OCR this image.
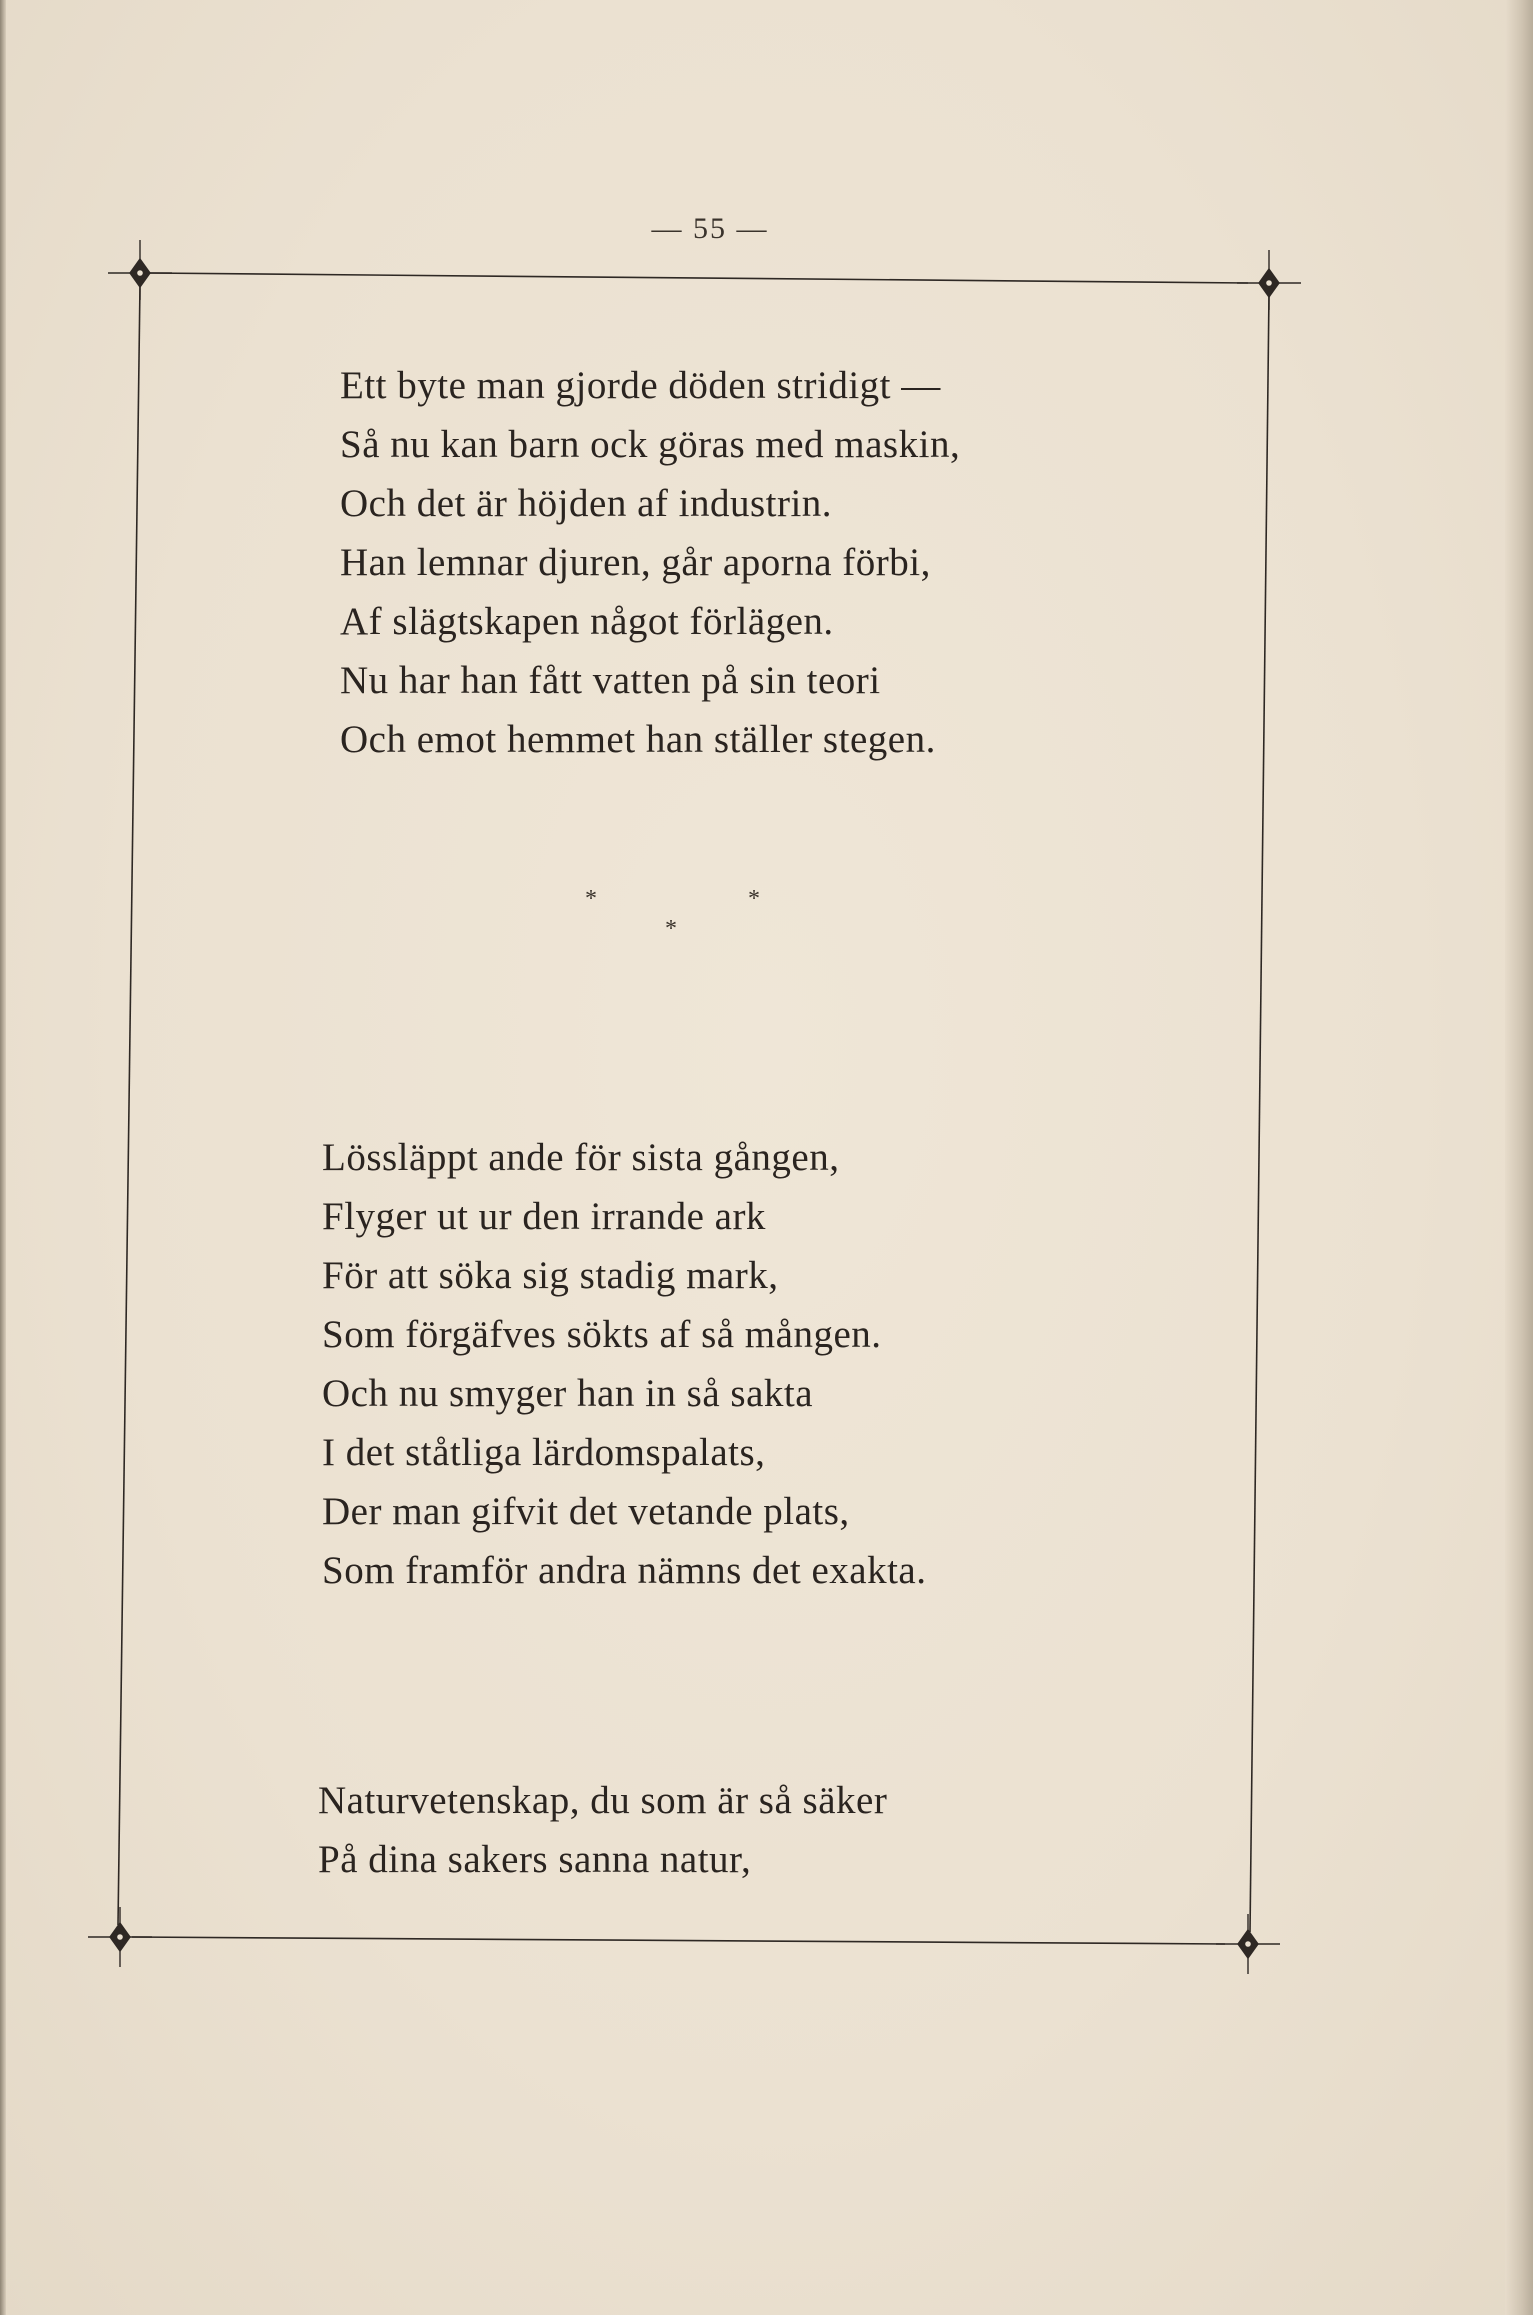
— 55 —
Ett byte man gjorde döden stridigt —
Så nu kan barn ock göras med maskin,
Och det är höjden af industrin.
Han lemnar djuren, går aporna förbi,
Af slägtskapen något förlägen.
Nu har han fått vatten på sin teori
Och emot hemmet han ställer stegen.
*	*
*
Lössläppt ande för sista gången,
Flyger ut ur den irrande ark
För att söka sig stadig mark,
Som förgäfves sökts af så mången.
Och nu smyger han in så sakta
I det ståtliga lärdomspalats,
Der man gifvit det vetande plats,
Som framför andra nämns det exakta.
Naturvetenskap, du som är så säker
På dina sakers sanna natur,
